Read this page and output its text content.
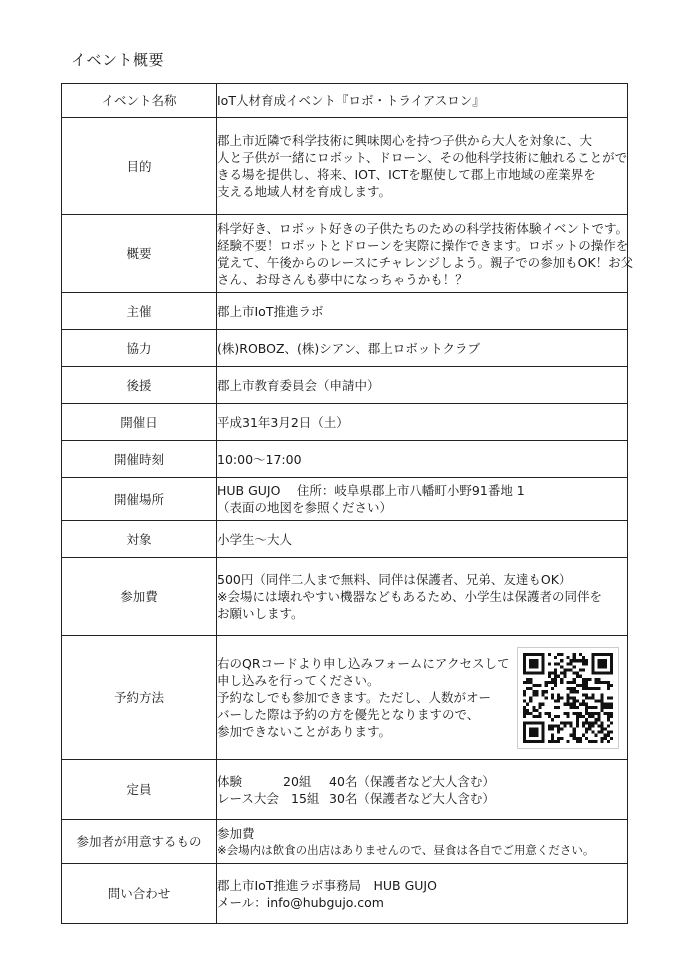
イベント概要
イベント名称	IoT人材育成イベント『ロボ・トライアスロン』
目的	郡上市近隣で科学技術に興味関心を持つ子供から大人を対象に、大
人と子供が一緒にロボット、ドローン、その他科学技術に触れることがで
きる場を提供し、将来、IOT、ICTを駆使して郡上市地域の産業界を
支える地域人材を育成します。

概要	科学好き、ロボット好きの子供たちのための科学技術体験イベントです。
経験不要！ロボットとドローンを実際に操作できます。ロボットの操作を
覚えて、午後からのレースにチャレンジしよう。親子での参加もOK！お父
さん、お母さんも夢中になっちゃうかも！？

主催	郡上市IoT推進ラボ
協力	(株)ROBOZ、(株)シアン、郡上ロボットクラブ
後援	郡上市教育委員会（申請中）
開催日	平成31年3月2日（土）
開催時刻	10:00～17:00
開催場所	HUB GUJO　 住所：岐阜県郡上市八幡町小野91番地 1
（表面の地図を参照ください）

対象	小学生～大人
参加費	500円（同伴二人まで無料、同伴は保護者、兄弟、友達もOK）
※会場には壊れやすい機器などもあるため、小学生は保護者の同伴を
お願いします。

予約方法	右のQRコードより申し込みフォームにアクセスして
申し込みを行ってください。
予約なしでも参加できます。ただし、人数がオー
バーした際は予約の方を優先となりますので、
参加できないことがあります。

定員	体験 20組 40名（保護者など大人含む）
レース大会 15組 30名（保護者など大人含む）

参加者が用意するもの	参加費
※会場内は飲食の出店はありませんので、昼食は各自でご用意ください。

問い合わせ	郡上市IoT推進ラボ事務局　HUB GUJO
メール：info@hubgujo.com
